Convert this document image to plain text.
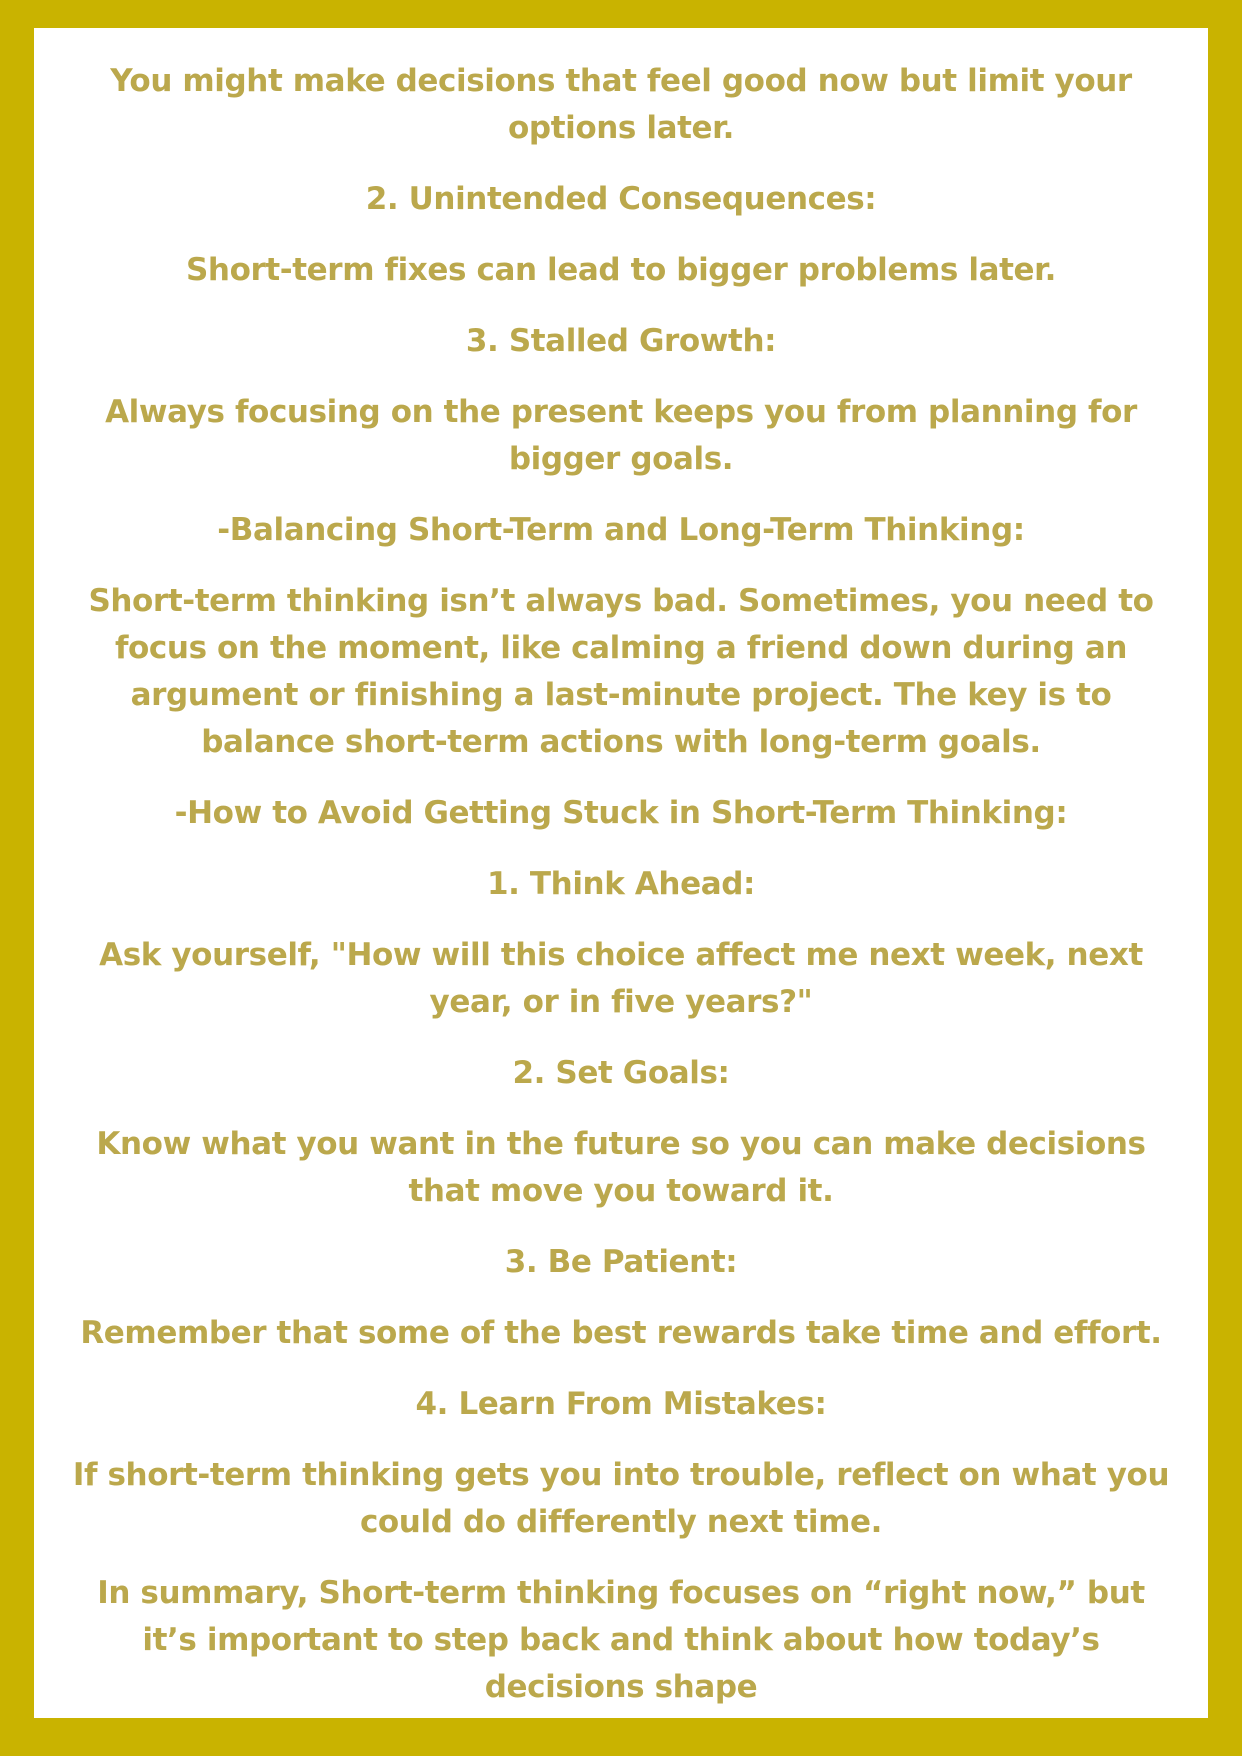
You might make decisions that feel good now but limit your options later.

2. Unintended Consequences:

Short-term fixes can lead to bigger problems later.

3. Stalled Growth:

Always focusing on the present keeps you from planning for bigger goals.

-Balancing Short-Term and Long-Term Thinking:

Short-term thinking isn’t always bad. Sometimes, you need to focus on the moment, like calming a friend down during an argument or finishing a last-minute project. The key is to balance short-term actions with long-term goals.

-How to Avoid Getting Stuck in Short-Term Thinking:

1. Think Ahead:

Ask yourself, "How will this choice affect me next week, next year, or in five years?"

2. Set Goals:

Know what you want in the future so you can make decisions that move you toward it.

3. Be Patient:

Remember that some of the best rewards take time and effort.

4. Learn From Mistakes:

If short-term thinking gets you into trouble, reflect on what you could do differently next time.

In summary, Short-term thinking focuses on “right now,” but it’s important to step back and think about how today’s decisions shape
